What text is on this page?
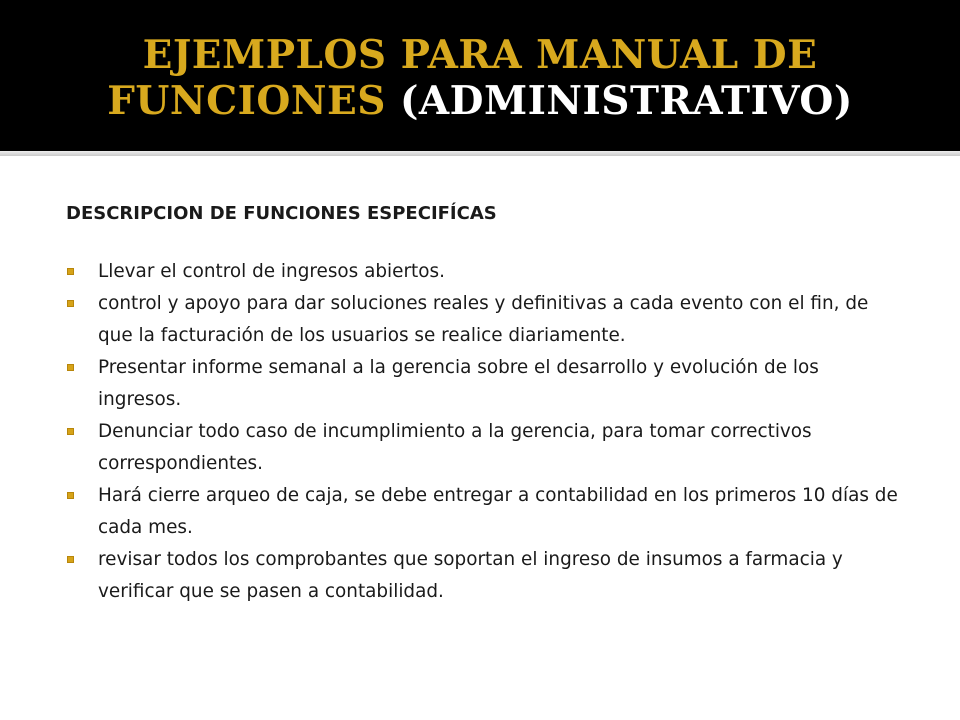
EJEMPLOS PARA MANUAL DE
FUNCIONES (ADMINISTRATIVO)

DESCRIPCION DE FUNCIONES ESPECIFÍCAS

Llevar el control de ingresos abiertos.
control y apoyo para dar soluciones reales y definitivas a cada evento con el fin, de que la facturación de los usuarios se realice diariamente.
Presentar informe semanal a la gerencia sobre el desarrollo y evolución de los ingresos.
Denunciar todo caso de incumplimiento a la gerencia, para tomar correctivos correspondientes.
Hará cierre arqueo de caja, se debe entregar a contabilidad en los primeros 10 días de cada mes.
revisar todos los comprobantes que soportan el ingreso de insumos a farmacia y verificar que se pasen a contabilidad.
